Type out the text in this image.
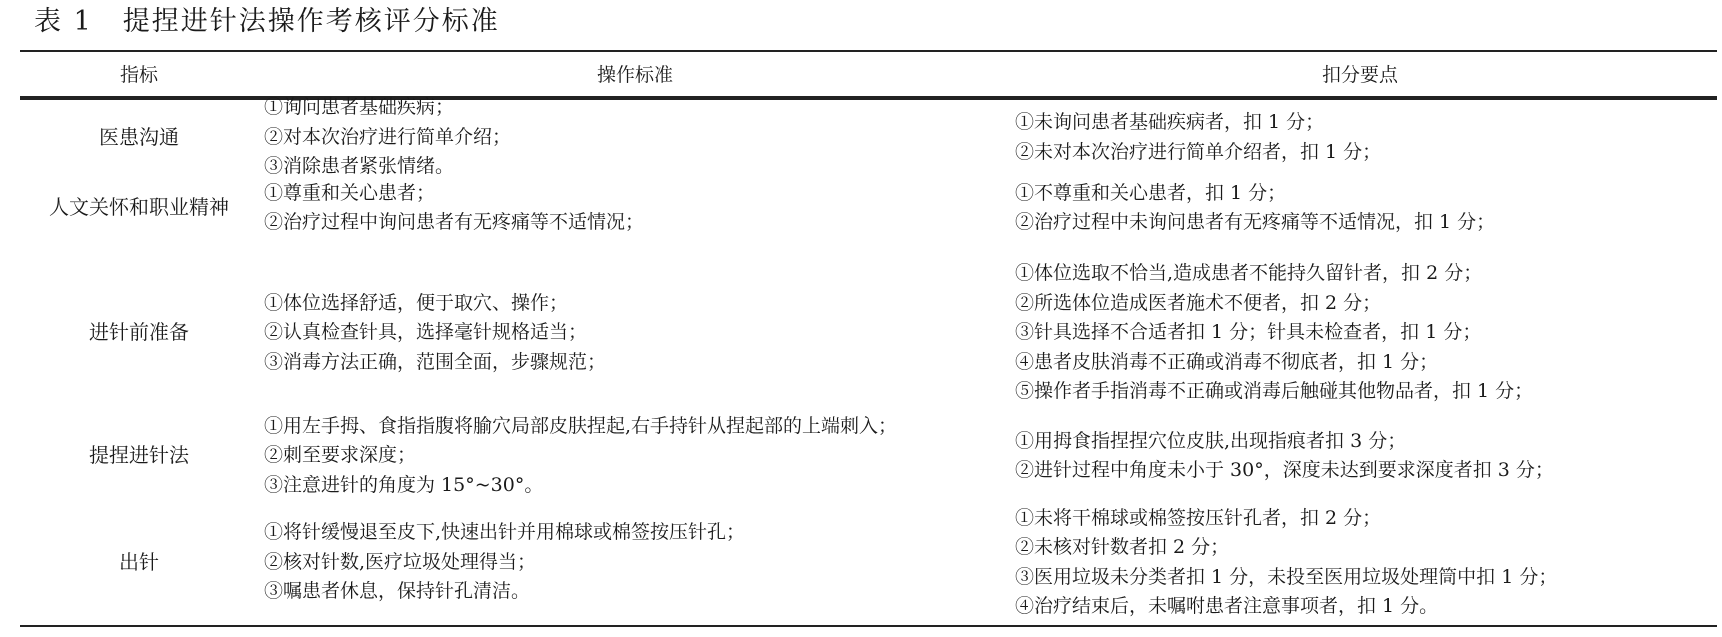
表 1 提捏进针法操作考核评分标准
指标	操作标准	扣分要点
医患沟通
①询问患者基础疾病；
②对本次治疗进行简单介绍；
③消除患者紧张情绪。
①未询问患者基础疾病者，扣 1 分；
②未对本次治疗进行简单介绍者，扣 1 分；
人文关怀和职业精神
①尊重和关心患者；
②治疗过程中询问患者有无疼痛等不适情况；
①不尊重和关心患者，扣 1 分；
②治疗过程中未询问患者有无疼痛等不适情况，扣 1 分；
进针前准备
①体位选择舒适，便于取穴、操作；
②认真检查针具，选择毫针规格适当；
③消毒方法正确，范围全面，步骤规范；
①体位选取不恰当,造成患者不能持久留针者，扣 2 分；
②所选体位造成医者施术不便者，扣 2 分；
③针具选择不合适者扣 1 分；针具未检查者，扣 1 分；
④患者皮肤消毒不正确或消毒不彻底者，扣 1 分；
⑤操作者手指消毒不正确或消毒后触碰其他物品者，扣 1 分；
提捏进针法
①用左手拇、食指指腹将腧穴局部皮肤捏起,右手持针从捏起部的上端刺入；
②刺至要求深度；
③注意进针的角度为 15°~30°。
①用拇食指捏捏穴位皮肤,出现指痕者扣 3 分；
②进针过程中角度未小于 30°，深度未达到要求深度者扣 3 分；
出针
①将针缓慢退至皮下,快速出针并用棉球或棉签按压针孔；
②核对针数,医疗垃圾处理得当；
③嘱患者休息，保持针孔清洁。
①未将干棉球或棉签按压针孔者，扣 2 分；
②未核对针数者扣 2 分；
③医用垃圾未分类者扣 1 分，未投至医用垃圾处理筒中扣 1 分；
④治疗结束后，未嘱咐患者注意事项者，扣 1 分。
